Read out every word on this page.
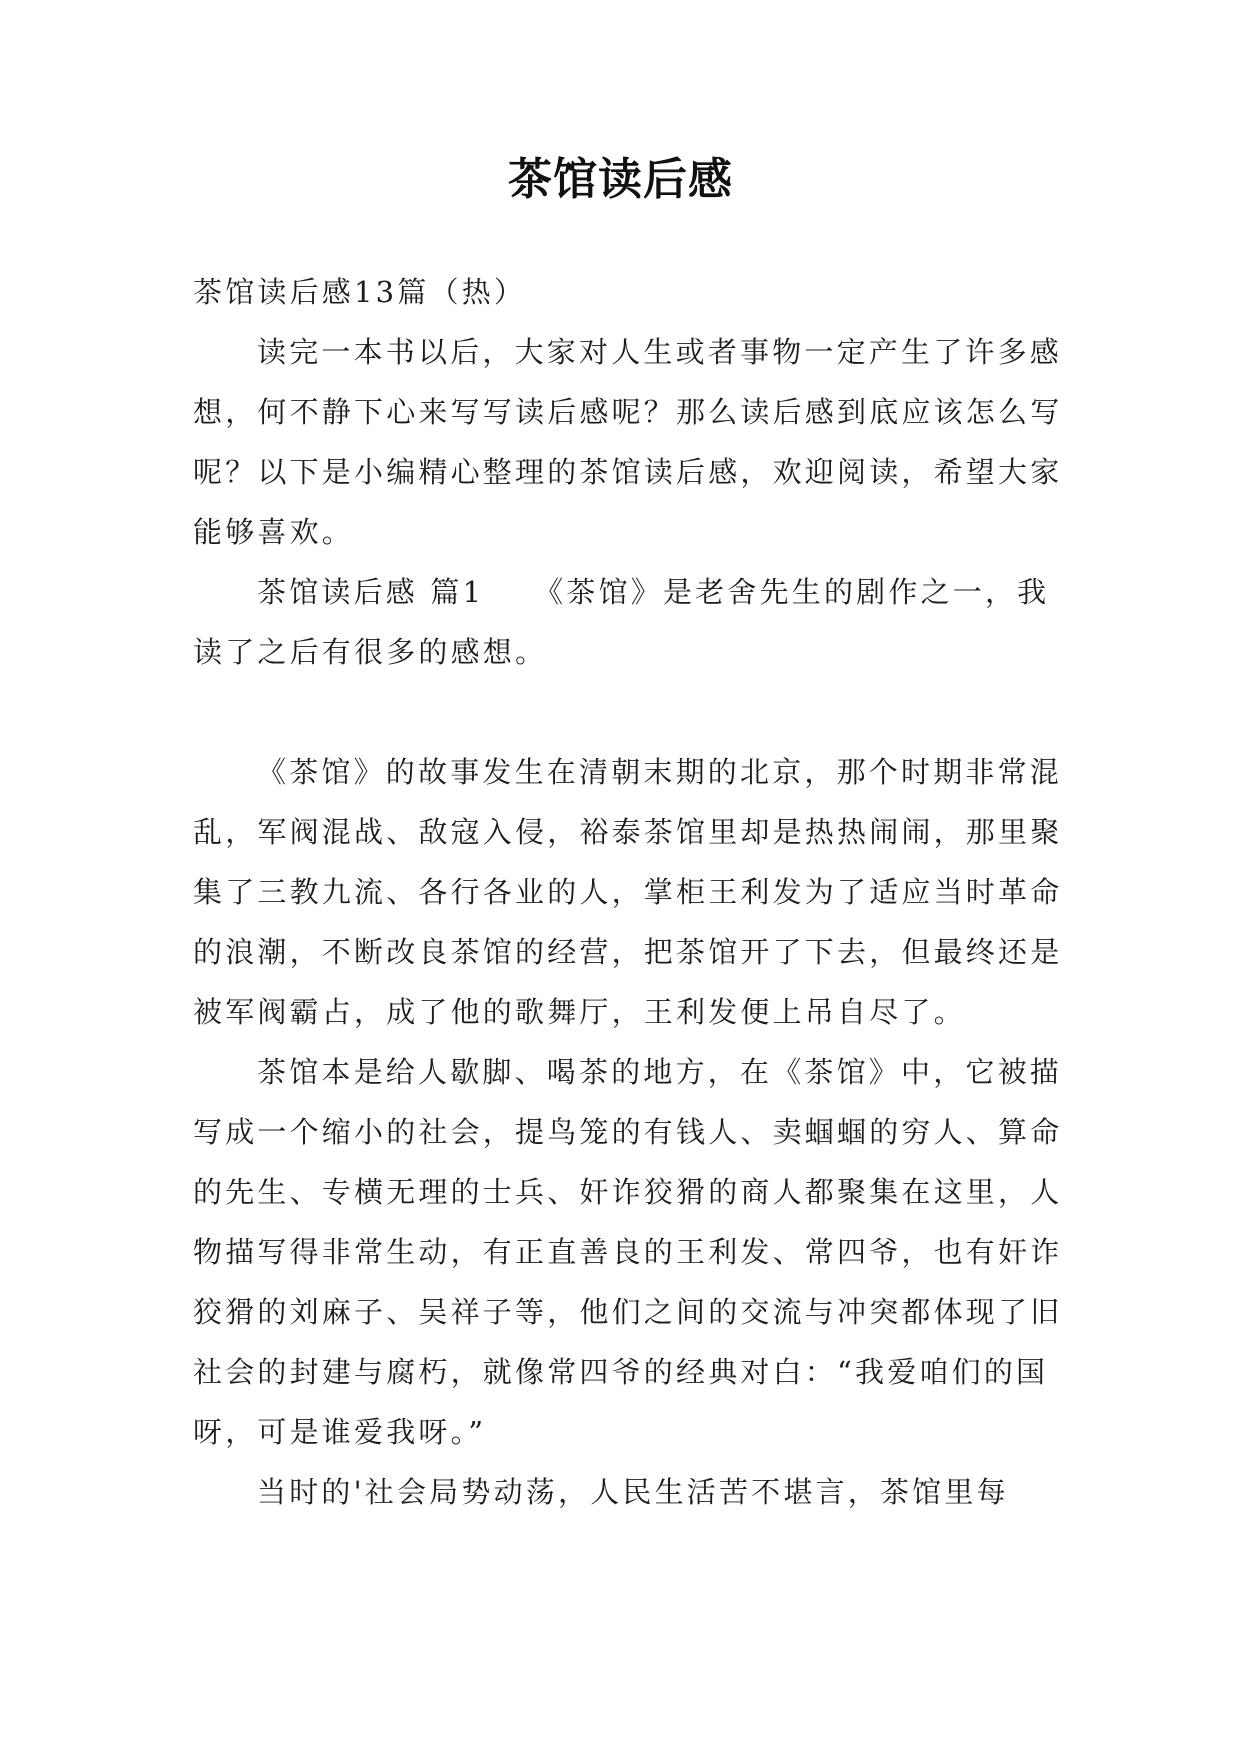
茶馆读后感

茶馆读后感13篇（热）

读完一本书以后，大家对人生或者事物一定产生了许多感想，何不静下心来写写读后感呢？那么读后感到底应该怎么写呢？以下是小编精心整理的茶馆读后感，欢迎阅读，希望大家能够喜欢。

茶馆读后感 篇1　　《茶馆》是老舍先生的剧作之一，我读了之后有很多的感想。

《茶馆》的故事发生在清朝末期的北京，那个时期非常混乱，军阀混战、敌寇入侵，裕泰茶馆里却是热热闹闹，那里聚集了三教九流、各行各业的人，掌柜王利发为了适应当时革命的浪潮，不断改良茶馆的经营，把茶馆开了下去，但最终还是被军阀霸占，成了他的歌舞厅，王利发便上吊自尽了。

茶馆本是给人歇脚、喝茶的地方，在《茶馆》中，它被描写成一个缩小的社会，提鸟笼的有钱人、卖蝈蝈的穷人、算命的先生、专横无理的士兵、奸诈狡猾的商人都聚集在这里，人物描写得非常生动，有正直善良的王利发、常四爷，也有奸诈狡猾的刘麻子、吴祥子等，他们之间的交流与冲突都体现了旧社会的封建与腐朽，就像常四爷的经典对白：“我爱咱们的国呀，可是谁爱我呀。”

当时的'社会局势动荡，人民生活苦不堪言，茶馆里每
